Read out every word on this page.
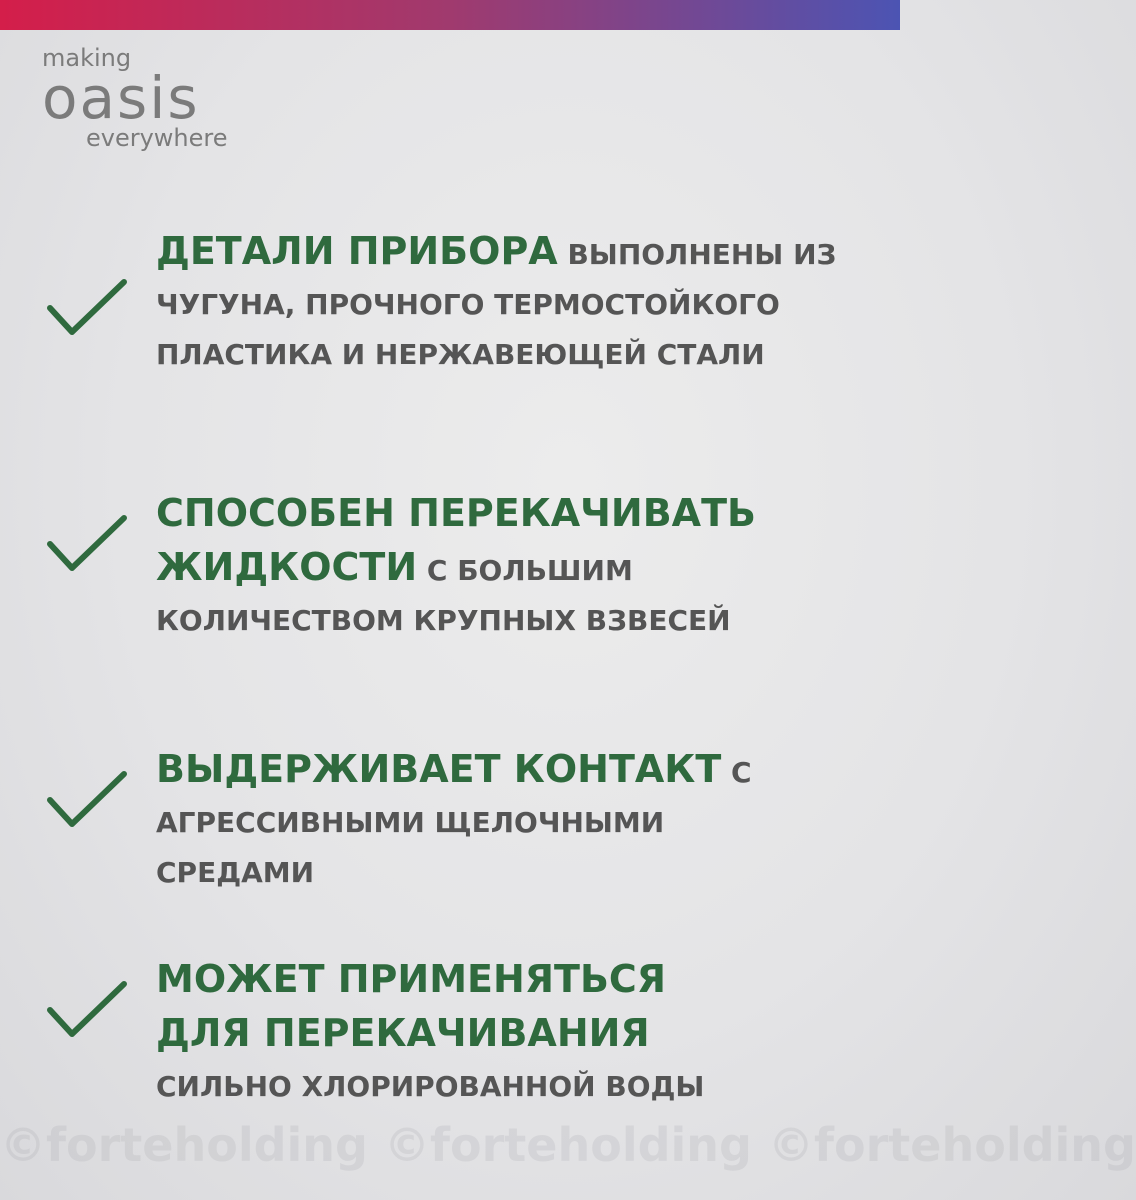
making
oasis
everywhere
ДЕТАЛИ ПРИБОРА ВЫПОЛНЕНЫ ИЗ ЧУГУНА, ПРОЧНОГО ТЕРМОСТОЙКОГО ПЛАСТИКА И НЕРЖАВЕЮЩЕЙ СТАЛИ
СПОСОБЕН ПЕРЕКАЧИВАТЬ ЖИДКОСТИ С БОЛЬШИМ КОЛИЧЕСТВОМ КРУПНЫХ ВЗВЕСЕЙ
ВЫДЕРЖИВАЕТ КОНТАКТ С АГРЕССИВНЫМИ ЩЕЛОЧНЫМИ СРЕДАМИ
МОЖЕТ ПРИМЕНЯТЬСЯ ДЛЯ ПЕРЕКАЧИВАНИЯ СИЛЬНО ХЛОРИРОВАННОЙ ВОДЫ
©forteholding ©forteholding ©forteholding
